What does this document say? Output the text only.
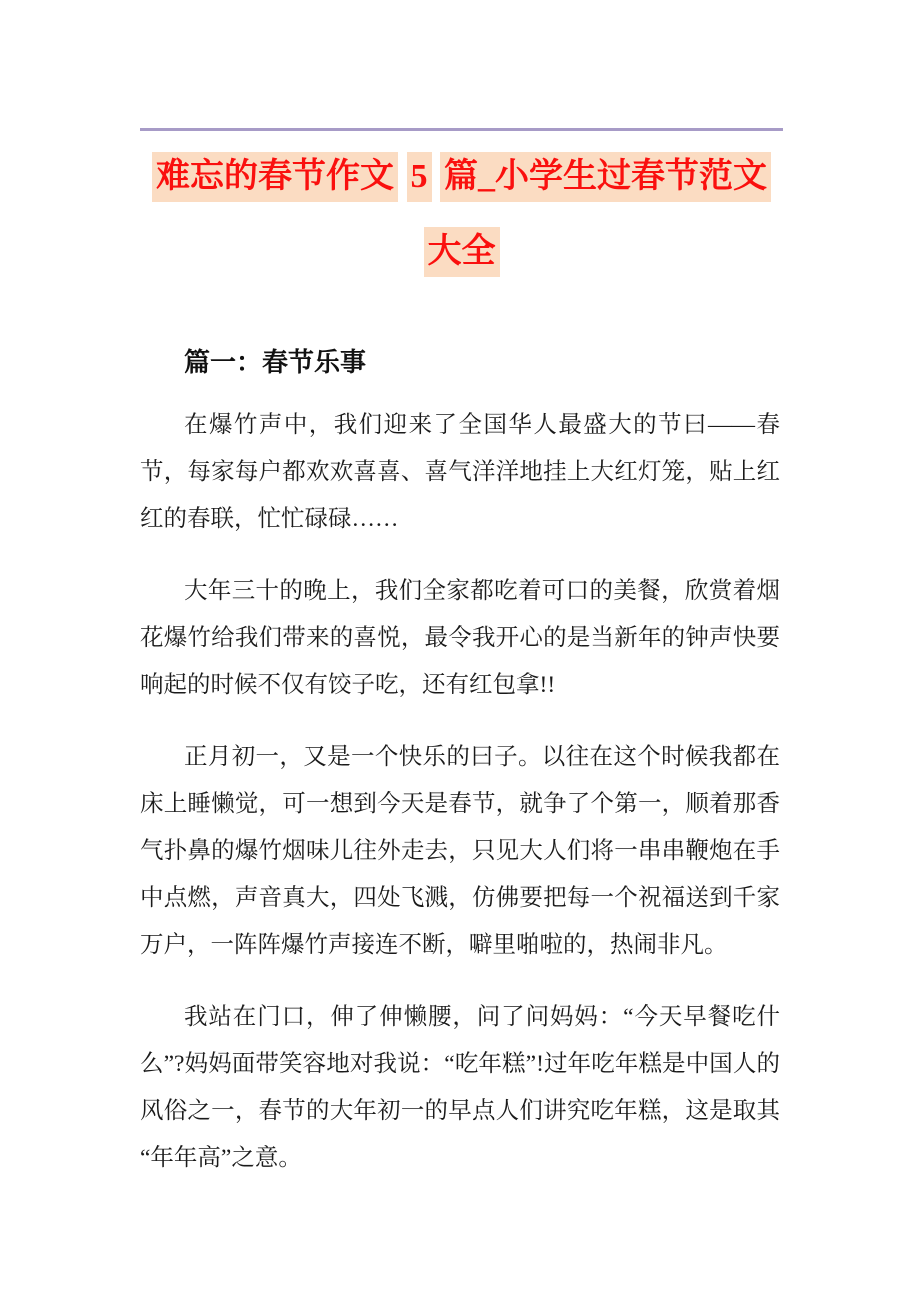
难忘的春节作文 5 篇_小学生过春节范文
大全
篇一：春节乐事

在爆竹声中，我们迎来了全国华人最盛大的节曰——春节，每家每户都欢欢喜喜、喜气洋洋地挂上大红灯笼，贴上红红的春联，忙忙碌碌……

大年三十的晚上，我们全家都吃着可口的美餐，欣赏着烟花爆竹给我们带来的喜悦，最令我开心的是当新年的钟声快要响起的时候不仅有饺子吃，还有红包拿!!

正月初一，又是一个快乐的曰子。以往在这个时候我都在床上睡懒觉，可一想到今天是春节，就争了个第一，顺着那香气扑鼻的爆竹烟味儿往外走去，只见大人们将一串串鞭炮在手中点燃，声音真大，四处飞溅，仿佛要把每一个祝福送到千家万户，一阵阵爆竹声接连不断，噼里啪啦的，热闹非凡。

我站在门口，伸了伸懒腰，问了问妈妈：“今天早餐吃什么”?妈妈面带笑容地对我说：“吃年糕”!过年吃年糕是中国人的风俗之一，春节的大年初一的早点人们讲究吃年糕，这是取其“年年高”之意。
